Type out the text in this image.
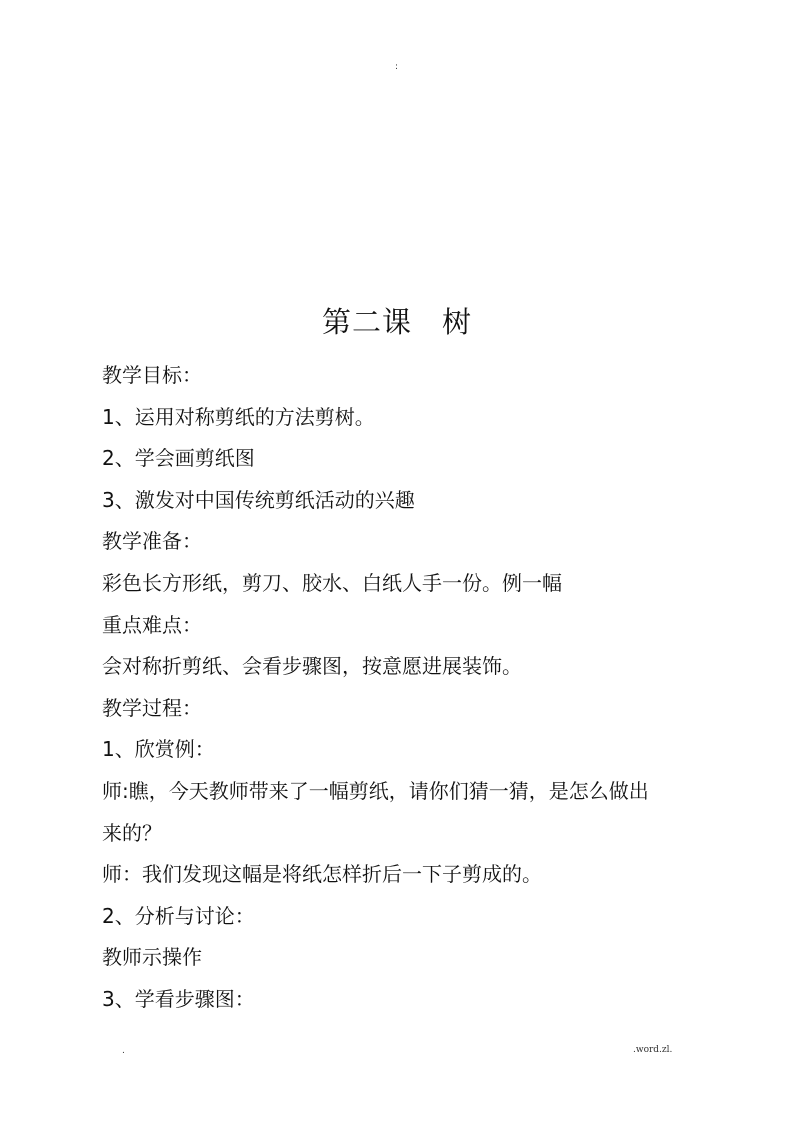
:
第二课 树
教学目标：
1、运用对称剪纸的方法剪树。
2、学会画剪纸图
3、激发对中国传统剪纸活动的兴趣
教学准备：
彩色长方形纸，剪刀、胶水、白纸人手一份。例一幅
重点难点：
会对称折剪纸、会看步骤图，按意愿进展装饰。
教学过程：
1、欣赏例：
师:瞧，今天教师带来了一幅剪纸，请你们猜一猜，是怎么做出
来的？
师：我们发现这幅是将纸怎样折后一下子剪成的。
2、分析与讨论：
教师示操作
3、学看步骤图：
.	.word.zl.
